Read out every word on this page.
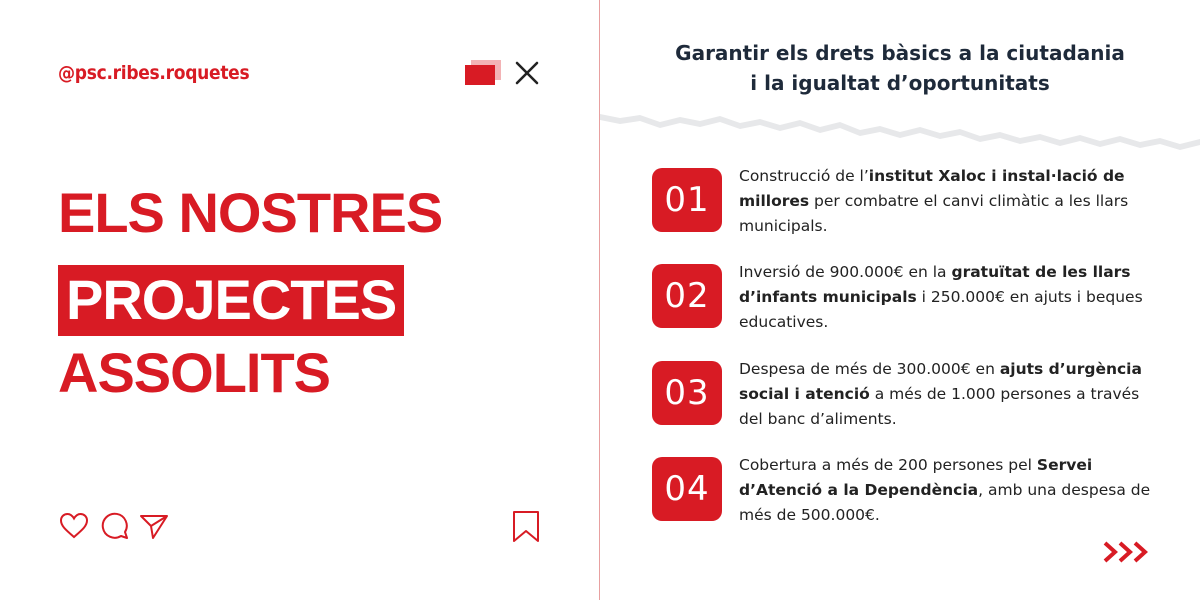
@psc.ribes.roquetes
ELS NOSTRES
PROJECTES
ASSOLITS
Garantir els drets bàsics a la ciutadania
i la igualtat d’oportunitats
01
Construcció de l’institut Xaloc i instal·lació de millores per combatre el canvi climàtic a les llars municipals.
02
Inversió de 900.000€ en la gratuïtat de les llars d’infants municipals i 250.000€ en ajuts i beques educatives.
03
Despesa de més de 300.000€ en ajuts d’urgència social i atenció a més de 1.000 persones a través del banc d’aliments.
04
Cobertura a més de 200 persones pel Servei d’Atenció a la Dependència, amb una despesa de més de 500.000€.
